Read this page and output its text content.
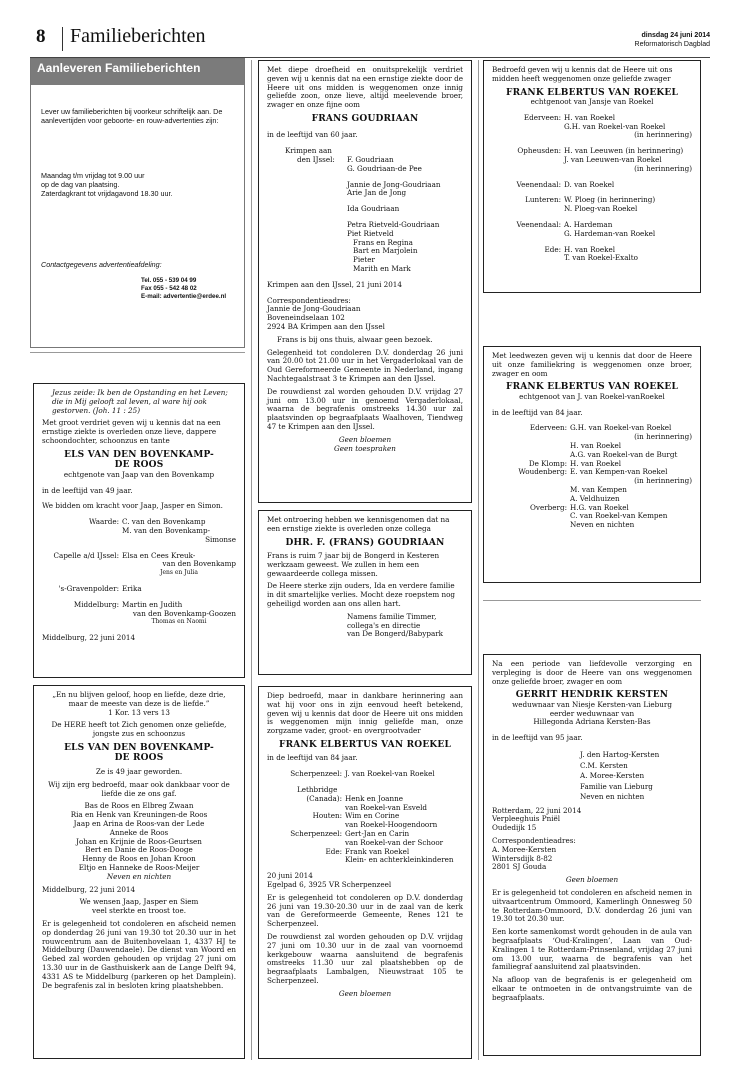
8 Familieberichten	dinsdag 24 juni 2014
Reformatorisch Dagblad
Aanleveren Familieberichten
Lever uw familieberichten bij voorkeur schriftelijk aan. De aanlevertijden voor geboorte- en rouw-advertenties zijn:
Maandag t/m vrijdag tot 9.00 uur
op de dag van plaatsing.
Zaterdagkrant tot vrijdagavond 18.30 uur.
Contactgegevens advertentieafdeling:
Tel. 055 - 539 04 99
Fax 055 - 542 48 02
E-mail: advertentie@erdee.nl
Jezus zeide: Ik ben de Opstanding en het Leven; die in Mij gelooft zal leven, al ware hij ook gestorven. (Joh. 11 : 25)
Met groot verdriet geven wij u kennis dat na een ernstige ziekte is overleden onze lieve, dappere schoondochter, schoonzus en tante
ELS VAN DEN BOVENKAMP-
DE ROOS
echtgenote van Jaap van den Bovenkamp
in de leeftijd van 49 jaar.
We bidden om kracht voor Jaap, Jasper en Simon.
Waarde: C. van den Bovenkamp
M. van den Bovenkamp-
Simonse
Capelle a/d IJssel: Elsa en Cees Kreuk-
van den Bovenkamp
Jens en Julia
's-Gravenpolder: Erika
Middelburg: Martin en Judith
van den Bovenkamp-Goozen
Thomas en Naomi
Middelburg, 22 juni 2014
„En nu blijven geloof, hoop en liefde, deze drie, maar de meeste van deze is de liefde.”
1 Kor. 13 vers 13
De HERE heeft tot Zich genomen onze geliefde, jongste zus en schoonzus
ELS VAN DEN BOVENKAMP-
DE ROOS
Ze is 49 jaar geworden.
Wij zijn erg bedroefd, maar ook dankbaar voor de liefde die ze ons gaf.
Bas de Roos en Elbreg Zwaan
Ria en Henk van Kreuningen-de Roos
Jaap en Arina de Roos-van der Lede
Anneke de Roos
Johan en Krijnie de Roos-Geurtsen
Bert en Danie de Roos-Dooge
Henny de Roos en Johan Kroon
Eltjo en Hanneke de Roos-Meijer
Neven en nichten
Middelburg, 22 juni 2014
We wensen Jaap, Jasper en Siem
veel sterkte en troost toe.
Er is gelegenheid tot condoleren en afscheid nemen op donderdag 26 juni van 19.30 tot 20.30 uur in het rouwcentrum aan de Buitenhovelaan 1, 4337 HJ te Middelburg (Dauwendaele). De dienst van Woord en Gebed zal worden gehouden op vrijdag 27 juni om 13.30 uur in de Gasthuiskerk aan de Lange Delft 94, 4331 AS te Middelburg (parkeren op het Damplein). De begrafenis zal in besloten kring plaatshebben.
Met diepe droefheid en onuitsprekelijk verdriet geven wij u kennis dat na een ernstige ziekte door de Heere uit ons midden is weggenomen onze innig geliefde zoon, onze lieve, altijd meelevende broer, zwager en onze fijne oom
FRANS GOUDRIAAN
in de leeftijd van 60 jaar.
Krimpen aan
den IJssel:	F. Goudriaan
G. Goudriaan-de Pee
Jannie de Jong-Goudriaan
Arie Jan de Jong
Ida Goudriaan
Petra Rietveld-Goudriaan
Piet Rietveld
Frans en Regina
Bart en Marjolein
Pieter
Marith en Mark
Krimpen aan den IJssel, 21 juni 2014
Correspondentieadres:
Jannie de Jong-Goudriaan
Boveneindselaan 102
2924 BA Krimpen aan den IJssel
Frans is bij ons thuis, alwaar geen bezoek.
Gelegenheid tot condoleren D.V. donderdag 26 juni van 20.00 tot 21.00 uur in het Vergaderlokaal van de Oud Gereformeerde Gemeente in Nederland, ingang Nachtegaalstraat 3 te Krimpen aan den IJssel.
De rouwdienst zal worden gehouden D.V. vrijdag 27 juni om 13.00 uur in genoemd Vergaderlokaal, waarna de begrafenis omstreeks 14.30 uur zal plaatsvinden op begraafplaats Waalhoven, Tiendweg 47 te Krimpen aan den IJssel.
Geen bloemen
Geen toespraken
Met ontroering hebben we kennisgenomen dat na een ernstige ziekte is overleden onze collega
DHR. F. (FRANS) GOUDRIAAN
Frans is ruim 7 jaar bij de Bongerd in Kesteren werkzaam geweest. We zullen in hem een gewaardeerde collega missen.
De Heere sterke zijn ouders, Ida en verdere familie in dit smartelijke verlies. Mocht deze roepstem nog geheiligd worden aan ons allen hart.
Namens familie Timmer,
collega's en directie
van De Bongerd/Babypark
Diep bedroefd, maar in dankbare herinnering aan wat hij voor ons in zijn eenvoud heeft betekend, geven wij u kennis dat door de Heere uit ons midden is weggenomen mijn innig geliefde man, onze zorgzame vader, groot- en overgrootvader
FRANK ELBERTUS VAN ROEKEL
in de leeftijd van 84 jaar.
Scherpenzeel: J. van Roekel-van Roekel
Lethbridge
(Canada): Henk en Joanne
van Roekel-van Esveld
Houten: Wim en Corine
van Roekel-Hoogendoorn
Scherpenzeel: Gert-Jan en Carin
van Roekel-van der Schoor
Ede: Frank van Roekel
Klein- en achterkleinkinderen
20 juni 2014
Egelpad 6, 3925 VR Scherpenzeel
Er is gelegenheid tot condoleren op D.V. donderdag 26 juni van 19.30-20.30 uur in de zaal van de kerk van de Gereformeerde Gemeente, Renes 121 te Scherpenzeel.
De rouwdienst zal worden gehouden op D.V. vrijdag 27 juni om 10.30 uur in de zaal van voornoemd kerkgebouw waarna aansluitend de begrafenis omstreeks 11.30 uur zal plaatshebben op de begraafplaats Lambalgen, Nieuwstraat 105 te Scherpenzeel.
Geen bloemen
Bedroefd geven wij u kennis dat de Heere uit ons midden heeft weggenomen onze geliefde zwager
FRANK ELBERTUS VAN ROEKEL
echtgenoot van Jansje van Roekel
Ederveen: H. van Roekel
G.H. van Roekel-van Roekel
(in herinnering)
Opheusden: H. van Leeuwen (in herinnering)
J. van Leeuwen-van Roekel
(in herinnering)
Veenendaal: D. van Roekel
Lunteren: W. Ploeg (in herinnering)
N. Ploeg-van Roekel
Veenendaal: A. Hardeman
G. Hardeman-van Roekel
Ede: H. van Roekel
T. van Roekel-Exalto
Met leedwezen geven wij u kennis dat door de Heere uit onze familiekring is weggenomen onze broer, zwager en oom
FRANK ELBERTUS VAN ROEKEL
echtgenoot van J. van Roekel-vanRoekel
in de leeftijd van 84 jaar.
Ederveen: G.H. van Roekel-van Roekel
(in herinnering)
H. van Roekel
A.G. van Roekel-van de Burgt
De Klomp: H. van Roekel
Woudenberg: E. van Kempen-van Roekel
(in herinnering)
M. van Kempen
A. Veldhuizen
Overberg: H.G. van Roekel
C. van Roekel-van Kempen
Neven en nichten
Na een periode van liefdevolle verzorging en verpleging is door de Heere van ons weggenomen onze geliefde broer, zwager en oom
GERRIT HENDRIK KERSTEN
weduwnaar van Niesje Kersten-van Lieburg
eerder weduwnaar van
Hillegonda Adriana Kersten-Bas
in de leeftijd van 95 jaar.
J. den Hartog-Kersten
C.M. Kersten
A. Moree-Kersten
Familie van Lieburg
Neven en nichten
Rotterdam, 22 juni 2014
Verpleeghuis Pniël
Oudedijk 15
Correspondentieadres:
A. Moree-Kersten
Wintersdijk 8-82
2801 SJ Gouda
Geen bloemen
Er is gelegenheid tot condoleren en afscheid nemen in uitvaartcentrum Ommoord, Kamerlingh Onneswe​g 50 te Rotterdam-Ommoord, D.V. donderdag 26 juni van 19.30 tot 20.30 uur.
Een korte samenkomst wordt gehouden in de aula van begraafplaats ‘Oud-Kralingen’, Laan van Oud-Kralingen 1 te Rotterdam-Prinsenland, vrijdag 27 juni om 13.00 uur, waarna de begrafenis van het familiegraf aansluitend zal plaatsvinden.
Na afloop van de begrafenis is er gelegenheid om elkaar te ontmoeten in de ontvangstruimte van de begraafplaats.
